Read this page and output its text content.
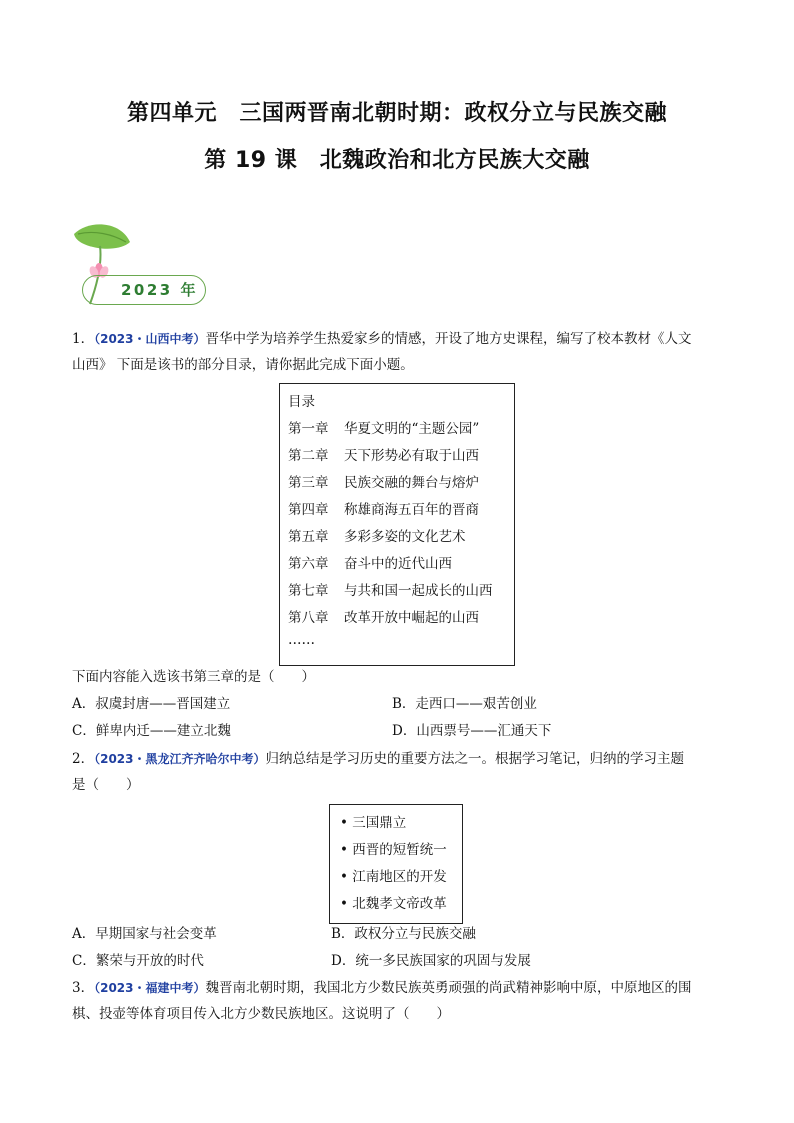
第四单元　三国两晋南北朝时期：政权分立与民族交融
第 19 课　北魏政治和北方民族大交融
2023 年
1．（2023・山西中考）晋华中学为培养学生热爱家乡的情感，开设了地方史课程，编写了校本教材《人文
山西》 下面是该书的部分目录，请你据此完成下面小题。
目录
第一章 华夏文明的“主题公园”
第二章 天下形势必有取于山西
第三章 民族交融的舞台与熔炉
第四章 称雄商海五百年的晋商
第五章 多彩多姿的文化艺术
第六章 奋斗中的近代山西
第七章 与共和国一起成长的山西
第八章 改革开放中崛起的山西
……
下面内容能入选该书第三章的是（　　）
A．叔虞封唐——晋国建立	B．走西口——艰苦创业
C．鲜卑内迁——建立北魏	D．山西票号——汇通天下
2．（2023・黑龙江齐齐哈尔中考）归纳总结是学习历史的重要方法之一。根据学习笔记，归纳的学习主题
是（　　）
• 三国鼎立
• 西晋的短暂统一
• 江南地区的开发
• 北魏孝文帝改革
A．早期国家与社会变革	B．政权分立与民族交融
C．繁荣与开放的时代	D．统一多民族国家的巩固与发展
3．（2023・福建中考）魏晋南北朝时期，我国北方少数民族英勇顽强的尚武精神影响中原，中原地区的围
棋、投壶等体育项目传入北方少数民族地区。这说明了（　　）
